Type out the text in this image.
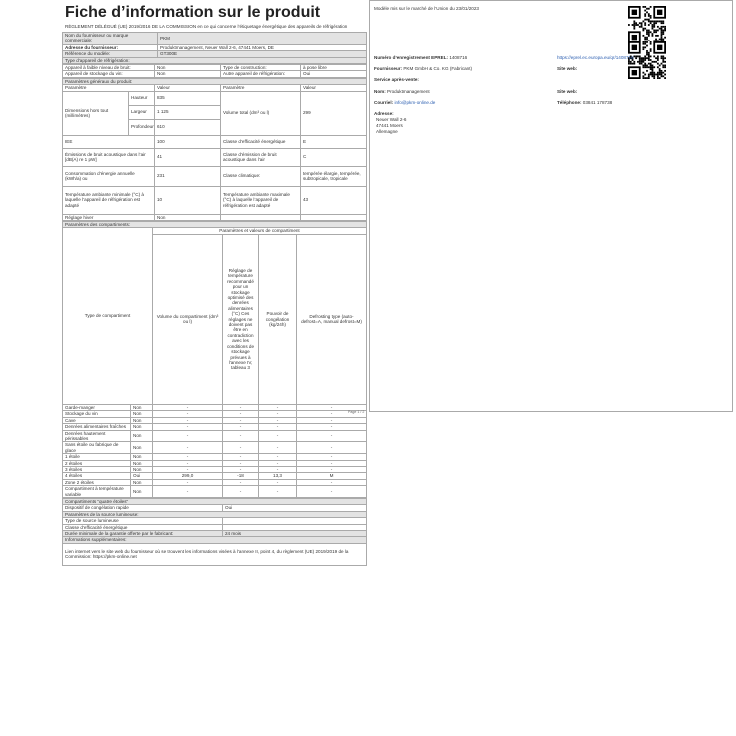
Fiche d’information sur le produit
RÈGLEMENT DÉLÉGUÉ (UE) 2019/2016 DE LA COMMISSION en ce qui concerne l’étiquetage énergétique des appareils de réfrigération
Nom du fournisseur ou marque commerciale:	PKM
Adresse du fournisseur:	Produktmanagement, Neuer Wall 2-6, 47441 Moers, DE
Référence du modèle:	GT300E
Type d’appareil de réfrigération:	
Appareil à faible niveau de bruit:	Non	Type de construction:	à pose libre
Appareil de stockage du vin:	Non	Autre appareil de réfrigération:	Oui
Paramètres généraux du produit:				
Paramètre		Valeur	Paramètre	Valeur
Dimensions hors tout (millimètres)	Hauteur	835	Volume total (dm³ ou l)	299
	Largeur	1 125		
	Profondeur	610		
IEE		100	Classe d’efficacité énergétique	E
Émissions de bruit acoustique dans l’air [dB(A) re 1 pW]		41	Classe d’émission de bruit acoustique dans l’air	C
Consommation d’énergie annuelle (kWh/a) ou		231	Classe climatique:	tempérée élargie, tempérée, subtropicale, tropicale
Température ambiante minimale (°C) à laquelle l’appareil de réfrigération est adapté		10	Température ambiante maximale (°C) à laquelle l’appareil de réfrigération est adapté	43
Réglage hiver		Non		
Paramètres des compartiments:					
Type de compartiment		Paramètres et valeurs de compartiment			
		Volume du compartiment (dm³ ou l)	Réglage de température recommandé pour un stockage optimisé des denrées alimentaires (°C) Ces réglages ne doivent pas être en contradiction avec les conditions de stockage prévues à l’annexe IV, tableau 3	Pouvoir de congélation (kg/24h)	Defrosting type (auto-defrost=A, manual defrost=M)
Garde-manger	Non	-	-	-	-
Stockage du vin	Non	-	-	-	-
Cave	Non	-	-	-	-
Denrées alimentaires fraîches	Non	-	-	-	-
Denrées hautement périssables	Non	-	-	-	-
Sans étoile ou fabrique de glace	Non	-	-	-	-
1 étoile	Non	-	-	-	-
2 étoiles	Non	-	-	-	-
3 étoiles	Non	-	-	-	-
4 étoiles	Oui	299,0	-18	13,3	M
Zone 2 étoiles	Non	-	-	-	-
Compartiment à température variable	Non	-	-	-	-
Compartiments “quatre étoiles”	
Dispositif de congélation rapide	Oui
Paramètres de la source lumineuse:	
Type de source lumineuse	
Classe d’efficacité énergétique	
Durée minimale de la garantie offerte par le fabricant:	24 mois
Informations supplémentaires:	
Lien internet vers le site web du fournisseur où se trouvent les informations visées à l’annexe II, point 4, du règlement (UE) 2019/2019 de la Commission: https://pkm-online.net	
Page 1 / 2
Modèle mis sur le marché de l’Union du 23/01/2023
Numéro d’enregistrement EPREL: 1408716	https://eprel.ec.europa.eu/qr/1408716
Fournisseur: PKM GmbH & Co. KG (Fabricant)	Site web:
Service après-vente:
Nom: Produktmanagement	Site web:
Courriel: info@pkm-online.de	Téléphone: 03841 178738
Adresse:
Neuer Wall 2-6
47441 Moers
Allemagne
